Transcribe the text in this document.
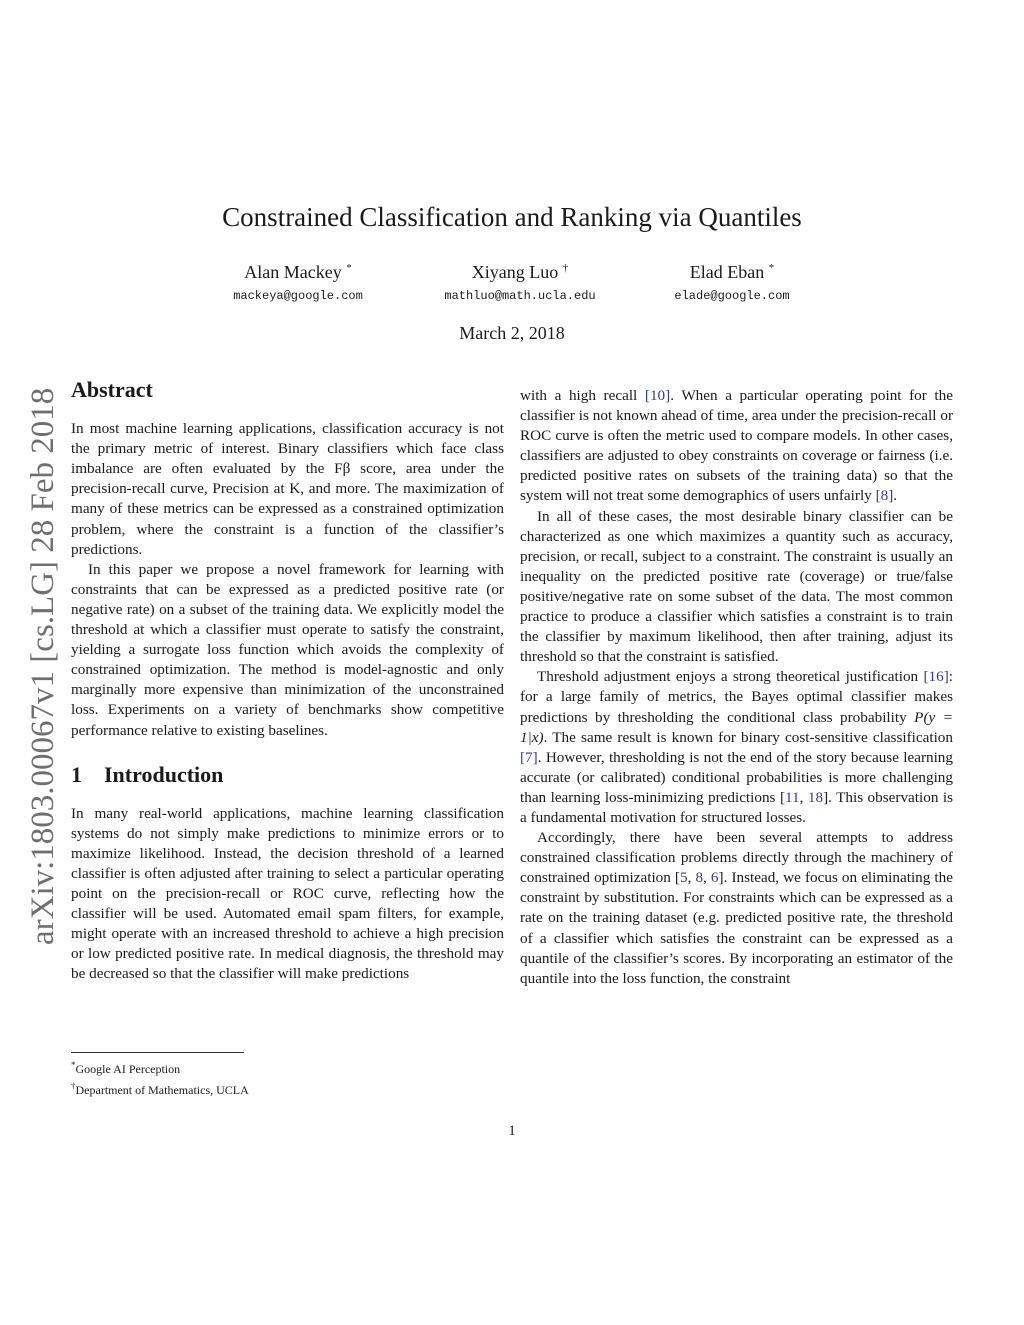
arXiv:1803.00067v1 [cs.LG] 28 Feb 2018
Constrained Classification and Ranking via Quantiles
Alan Mackey *
mackeya@google.com
Xiyang Luo †
mathluo@math.ucla.edu
Elad Eban *
elade@google.com
March 2, 2018
Abstract

In most machine learning applications, classification accuracy is not the primary metric of interest. Binary classifiers which face class imbalance are often evaluated by the Fβ score, area under the precision-recall curve, Precision at K, and more. The maximization of many of these metrics can be expressed as a constrained optimization problem, where the constraint is a function of the classifier’s predictions.

In this paper we propose a novel framework for learning with constraints that can be expressed as a predicted positive rate (or negative rate) on a subset of the training data. We explicitly model the threshold at which a classifier must operate to satisfy the constraint, yielding a surrogate loss function which avoids the complexity of constrained optimization. The method is model-agnostic and only marginally more expensive than minimization of the unconstrained loss. Experiments on a variety of benchmarks show competitive performance relative to existing baselines.

1 Introduction

In many real-world applications, machine learning classification systems do not simply make predictions to minimize errors or to maximize likelihood. Instead, the decision threshold of a learned classifier is often adjusted after training to select a particular operating point on the precision-recall or ROC curve, reflecting how the classifier will be used. Automated email spam filters, for example, might operate with an increased threshold to achieve a high precision or low predicted positive rate. In medical diagnosis, the threshold may be decreased so that the classifier will make predictions

with a high recall [10]. When a particular operating point for the classifier is not known ahead of time, area under the precision-recall or ROC curve is often the metric used to compare models. In other cases, classifiers are adjusted to obey constraints on coverage or fairness (i.e. predicted positive rates on subsets of the training data) so that the system will not treat some demographics of users unfairly [8].

In all of these cases, the most desirable binary classifier can be characterized as one which maximizes a quantity such as accuracy, precision, or recall, subject to a constraint. The constraint is usually an inequality on the predicted positive rate (coverage) or true/false positive/negative rate on some subset of the data. The most common practice to produce a classifier which satisfies a constraint is to train the classifier by maximum likelihood, then after training, adjust its threshold so that the constraint is satisfied.

Threshold adjustment enjoys a strong theoretical justification [16]: for a large family of metrics, the Bayes optimal classifier makes predictions by thresholding the conditional class probability P(y = 1|x). The same result is known for binary cost-sensitive classification [7]. However, thresholding is not the end of the story because learning accurate (or calibrated) conditional probabilities is more challenging than learning loss-minimizing predictions [11, 18]. This observation is a fundamental motivation for structured losses.

Accordingly, there have been several attempts to address constrained classification problems directly through the machinery of constrained optimization [5, 8, 6]. Instead, we focus on eliminating the constraint by substitution. For constraints which can be expressed as a rate on the training dataset (e.g. predicted positive rate, the threshold of a classifier which satisfies the constraint can be expressed as a quantile of the classifier’s scores. By incorporating an estimator of the quantile into the loss function, the constraint

*Google AI Perception
†Department of Mathematics, UCLA
1
